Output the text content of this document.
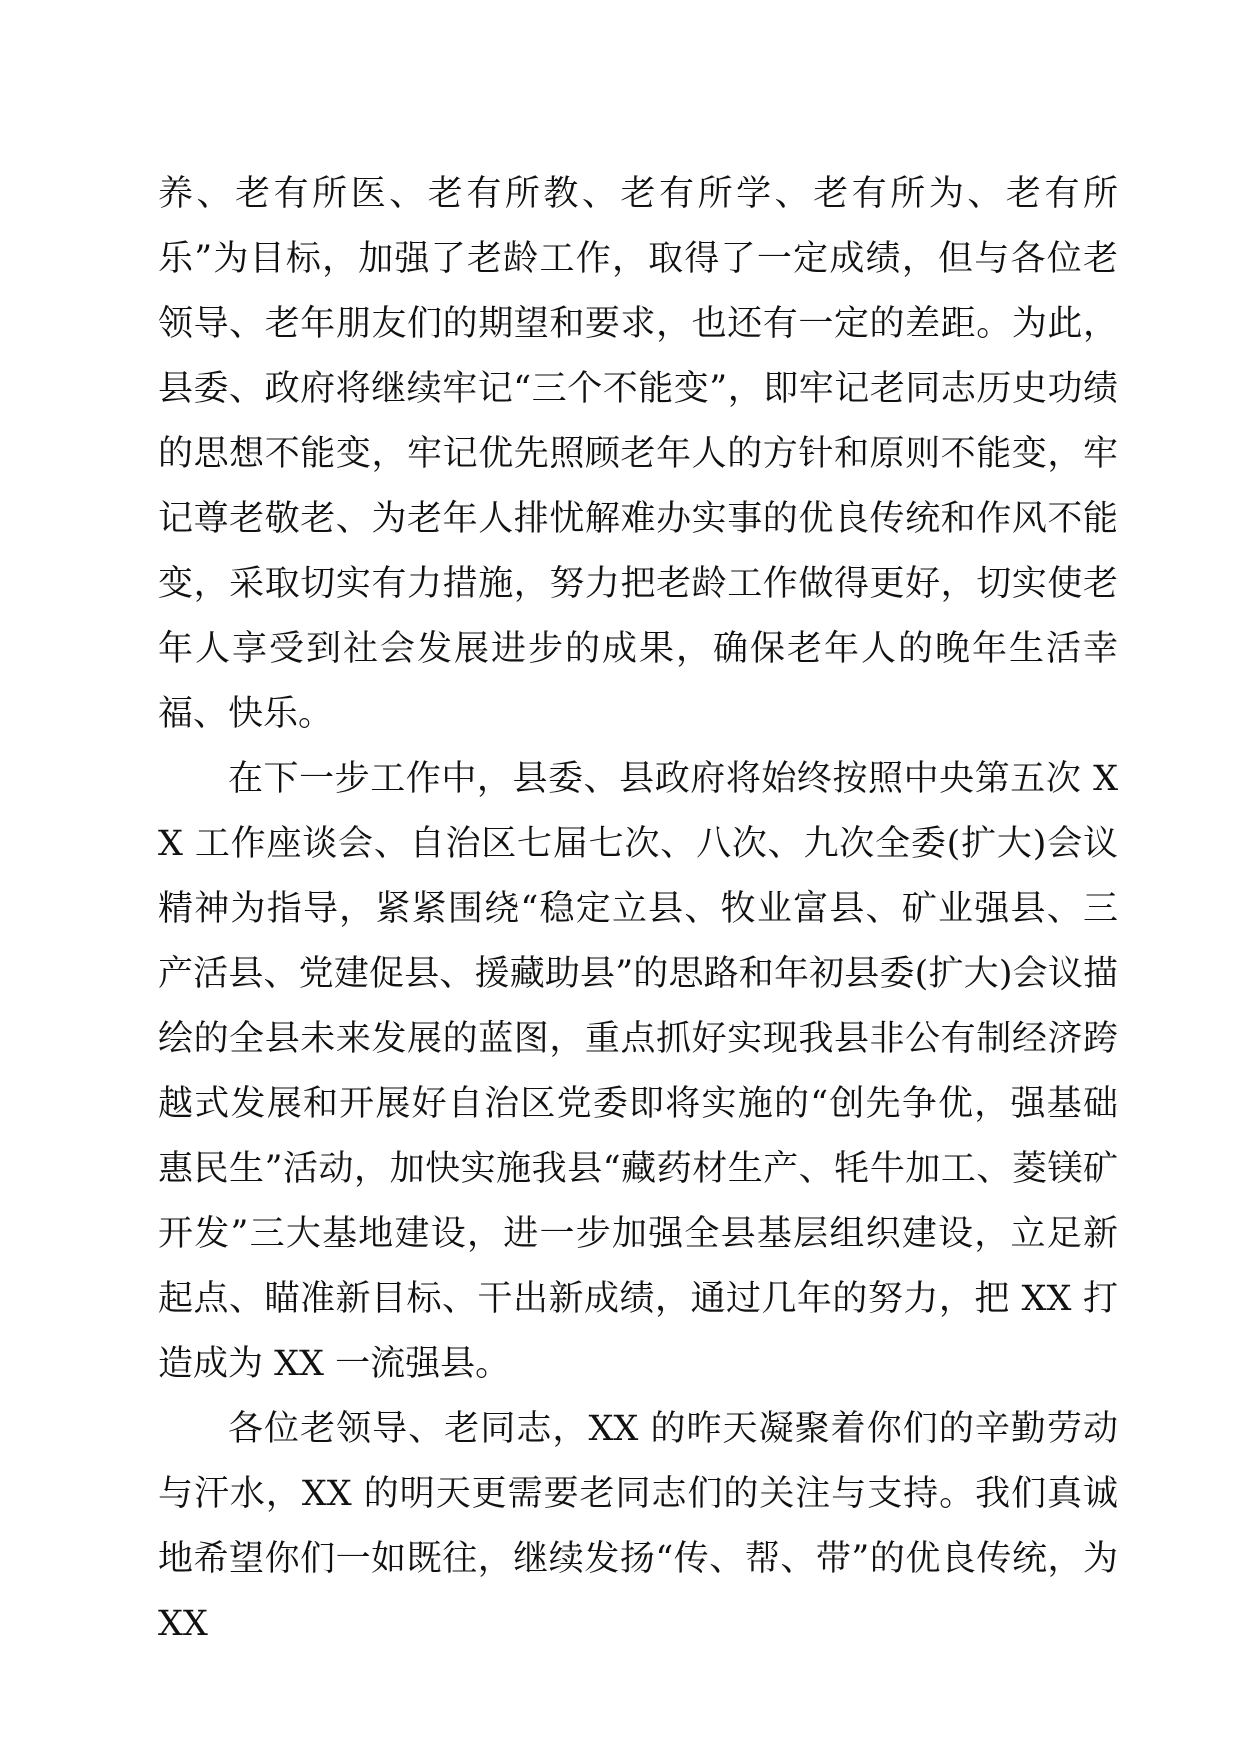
养、老有所医、老有所教、老有所学、老有所为、老有所乐”为目标，加强了老龄工作，取得了一定成绩，但与各位老领导、老年朋友们的期望和要求，也还有一定的差距。为此，县委、政府将继续牢记“三个不能变”，即牢记老同志历史功绩的思想不能变，牢记优先照顾老年人的方针和原则不能变，牢记尊老敬老、为老年人排忧解难办实事的优良传统和作风不能变，采取切实有力措施，努力把老龄工作做得更好，切实使老年人享受到社会发展进步的成果，确保老年人的晚年生活幸福、快乐。

在下一步工作中，县委、县政府将始终按照中央第五次 XX 工作座谈会、自治区七届七次、八次、九次全委(扩大)会议精神为指导，紧紧围绕“稳定立县、牧业富县、矿业强县、三产活县、党建促县、援藏助县”的思路和年初县委(扩大)会议描绘的全县未来发展的蓝图，重点抓好实现我县非公有制经济跨越式发展和开展好自治区党委即将实施的“创先争优，强基础惠民生”活动，加快实施我县“藏药材生产、牦牛加工、菱镁矿开发”三大基地建设，进一步加强全县基层组织建设，立足新起点、瞄准新目标、干出新成绩，通过几年的努力，把 XX 打造成为 XX 一流强县。

各位老领导、老同志，XX 的昨天凝聚着你们的辛勤劳动与汗水，XX 的明天更需要老同志们的关注与支持。我们真诚地希望你们一如既往，继续发扬“传、帮、带”的优良传统，为 XX
